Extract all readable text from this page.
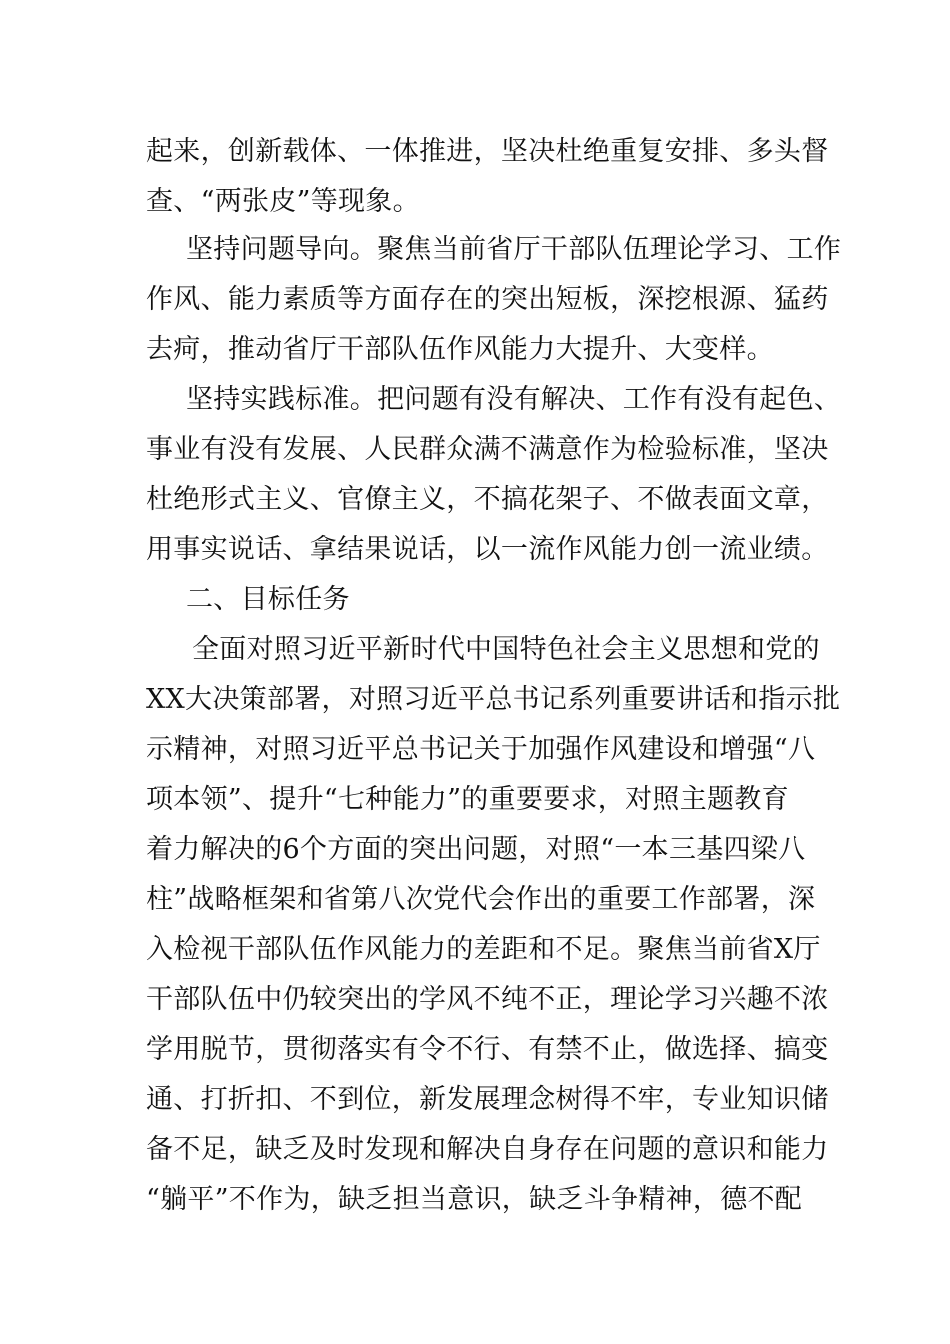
起来，创新载体、一体推进，坚决杜绝重复安排、多头督
查、“两张皮”等现象。
坚持问题导向。聚焦当前省厅干部队伍理论学习、工作
作风、能力素质等方面存在的突出短板，深挖根源、猛药
去疴，推动省厅干部队伍作风能力大提升、大变样。
坚持实践标准。把问题有没有解决、工作有没有起色、
事业有没有发展、人民群众满不满意作为检验标准，坚决
杜绝形式主义、官僚主义，不搞花架子、不做表面文章，
用事实说话、拿结果说话，以一流作风能力创一流业绩。
二、目标任务
全面对照习近平新时代中国特色社会主义思想和党的
XX大决策部署，对照习近平总书记系列重要讲话和指示批
示精神，对照习近平总书记关于加强作风建设和增强“八
项本领”、提升“七种能力”的重要要求，对照主题教育
着力解决的6个方面的突出问题，对照“一本三基四梁八
柱”战略框架和省第八次党代会作出的重要工作部署，深
入检视干部队伍作风能力的差距和不足。聚焦当前省X厅
干部队伍中仍较突出的学风不纯不正，理论学习兴趣不浓
学用脱节，贯彻落实有令不行、有禁不止，做选择、搞变
通、打折扣、不到位，新发展理念树得不牢，专业知识储
备不足，缺乏及时发现和解决自身存在问题的意识和能力
“躺平”不作为，缺乏担当意识，缺乏斗争精神，德不配
